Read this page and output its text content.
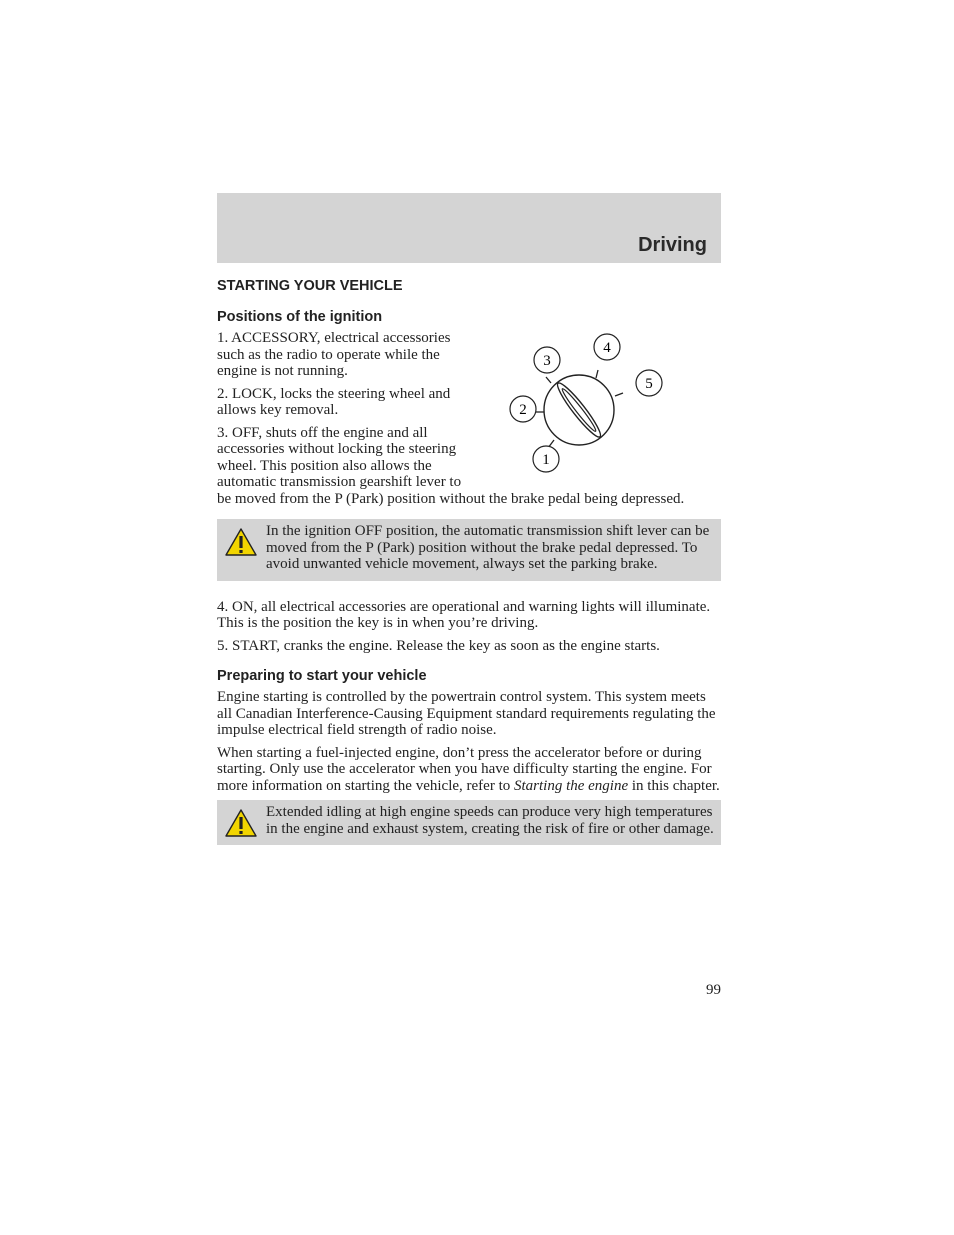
Driving
STARTING YOUR VEHICLE
Positions of the ignition
1
2
3
4
5

1. ACCESSORY, electrical accessories such as the radio to operate while the engine is not running.

2. LOCK, locks the steering wheel and allows key removal.

3. OFF, shuts off the engine and all accessories without locking the steering wheel. This position also allows the automatic transmission gearshift lever to be moved from the P (Park) position without the brake pedal being depressed.

In the ignition OFF position, the automatic transmission shift lever can be moved from the P (Park) position without the brake pedal depressed. To avoid unwanted vehicle movement, always set the parking brake.

4. ON, all electrical accessories are operational and warning lights will illuminate. This is the position the key is in when you’re driving.

5. START, cranks the engine. Release the key as soon as the engine starts.

Preparing to start your vehicle

Engine starting is controlled by the powertrain control system. This system meets all Canadian Interference-Causing Equipment standard requirements regulating the impulse electrical field strength of radio noise.

When starting a fuel-injected engine, don’t press the accelerator before or during starting. Only use the accelerator when you have difficulty starting the engine. For more information on starting the vehicle, refer to Starting the engine in this chapter.

Extended idling at high engine speeds can produce very high temperatures in the engine and exhaust system, creating the risk of fire or other damage.
99
